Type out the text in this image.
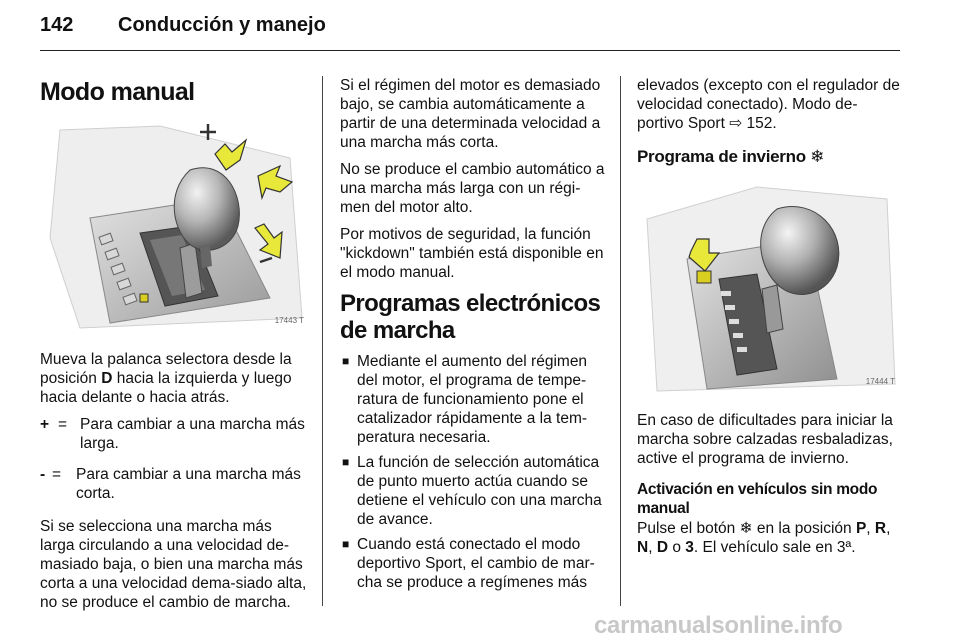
142 Conducción y manejo
Modo manual
17443 T

Mueva la palanca selectora desde la posición D hacia la izquierda y luego hacia delante o hacia atrás.

+ = Para cambiar a una marcha más larga.
- = Para cambiar a una marcha más corta.

Si se selecciona una marcha más larga circulando a una velocidad de-masiado baja, o bien una marcha más corta a una velocidad dema-siado alta, no se produce el cambio de marcha.

Si el régimen del motor es demasiado bajo, se cambia automáticamente a partir de una determinada velocidad a una marcha más corta.

No se produce el cambio automático a una marcha más larga con un régi-men del motor alto.

Por motivos de seguridad, la función "kickdown" también está disponible en el modo manual.

Programas electrónicos de marcha
■ Mediante el aumento del régimen del motor, el programa de tempe-ratura de funcionamiento pone el catalizador rápidamente a la tem-peratura necesaria.
■ La función de selección automática de punto muerto actúa cuando se detiene el vehículo con una marcha de avance.
■ Cuando está conectado el modo deportivo Sport, el cambio de mar-cha se produce a regímenes más

elevados (excepto con el regulador de velocidad conectado). Modo de-portivo Sport ⇨ 152.

Programa de invierno ❄
17444 T

En caso de dificultades para iniciar la marcha sobre calzadas resbaladizas, active el programa de invierno.

Activación en vehículos sin modo manual

Pulse el botón ❄ en la posición P, R,
N, D o 3. El vehículo sale en 3ª.

carmanualsonline.info
